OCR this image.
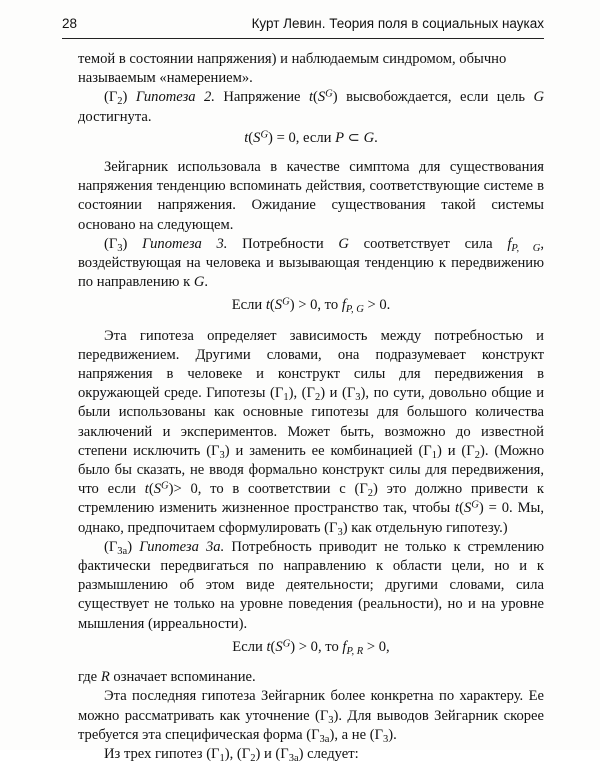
28	Курт Левин. Теория поля в социальных науках

темой в состоянии напряжения) и наблюдаемым синдромом, обычно
называемым «намерением».

$(Г_2)$ Гипотеза 2. Напряжение $t(S^G)$ высвобождается, если цель G достигнута.

$t(S^G) = 0$, если P ⊂ G.

Зейгарник использовала в качестве симптома для существования напряжения тенденцию вспоминать действия, соответствующие системе в состоянии напряжения. Ожидание существования такой системы основано на следующем.

$(Г_3)$ Гипотеза 3. Потребности G соответствует сила $f_{P, G}$, воздействующая на человека и вызывающая тенденцию к передвижению по направлению к G.

Если $t(S^G) > 0$, то $f_{P, G} > 0$.

Эта гипотеза определяет зависимость между потребностью и передвижением. Другими словами, она подразумевает конструкт напряжения в человеке и конструкт силы для передвижения в окружающей среде. Гипотезы $(Г_1)$, $(Г_2)$ и $(Г_3)$, по сути, довольно общие и были использованы как основные гипотезы для большого количества заключений и экспериментов. Может быть, возможно до известной степени исключить $(Г_3)$ и заменить ее комбинацией $(Г_1)$ и $(Г_2)$. (Можно было бы сказать, не вводя формально конструкт силы для передвижения, что если $t(S^G)> 0$, то в соответствии с $(Г_2)$ это должно привести к стремлению изменить жизненное пространство так, чтобы $t(S^G) = 0$. Мы, однако, предпочитаем сформулировать $(Г_3)$ как отдельную гипотезу.)

$(Г_{3а})$ Гипотеза 3а. Потребность приводит не только к стремлению фактически передвигаться по направлению к области цели, но и к размышлению об этом виде деятельности; другими словами, сила существует не только на уровне поведения (реальности), но и на уровне мышления (ирреальности).

Если $t(S^G) > 0$, то $f_{P, R} > 0$,

где R означает вспоминание.

Эта последняя гипотеза Зейгарник более конкретна по характеру. Ее можно рассматривать как уточнение $(Г_3)$. Для выводов Зейгарник скорее требуется эта специфическая форма $(Г_{3а})$, а не $(Г_3)$.

Из трех гипотез $(Г_1)$, $(Г_2)$ и $(Г_{3а})$ следует:
